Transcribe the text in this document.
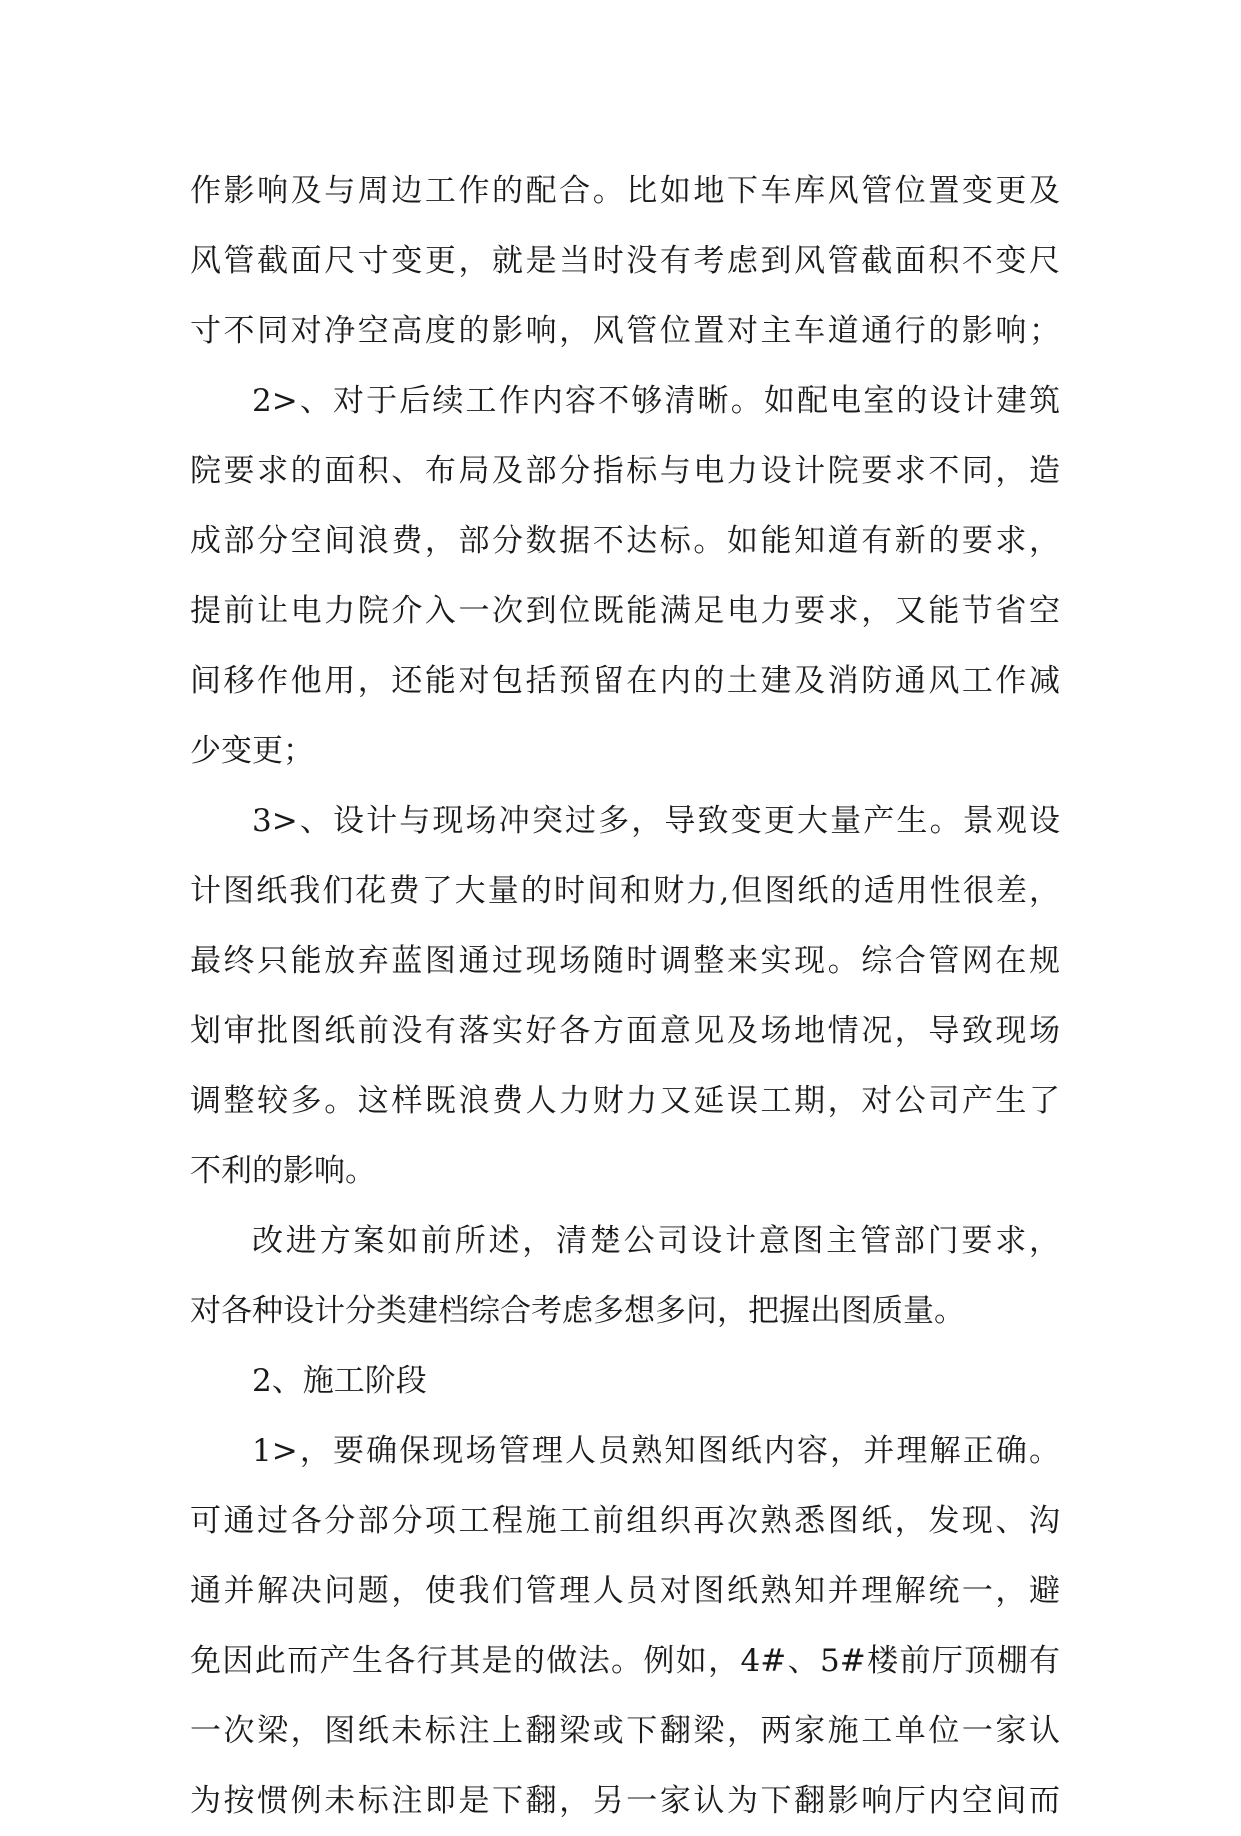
作影响及与周边工作的配合。比如地下车库风管位置变更及
风管截面尺寸变更，就是当时没有考虑到风管截面积不变尺
寸不同对净空高度的影响，风管位置对主车道通行的影响；
2>、对于后续工作内容不够清晰。如配电室的设计建筑
院要求的面积、布局及部分指标与电力设计院要求不同，造
成部分空间浪费，部分数据不达标。如能知道有新的要求，
提前让电力院介入一次到位既能满足电力要求，又能节省空
间移作他用，还能对包括预留在内的土建及消防通风工作减
少变更；
3>、设计与现场冲突过多，导致变更大量产生。景观设
计图纸我们花费了大量的时间和财力,但图纸的适用性很差，
最终只能放弃蓝图通过现场随时调整来实现。综合管网在规
划审批图纸前没有落实好各方面意见及场地情况，导致现场
调整较多。这样既浪费人力财力又延误工期，对公司产生了
不利的影响。
改进方案如前所述，清楚公司设计意图主管部门要求，
对各种设计分类建档综合考虑多想多问，把握出图质量。
2、施工阶段
1>，要确保现场管理人员熟知图纸内容，并理解正确。
可通过各分部分项工程施工前组织再次熟悉图纸，发现、沟
通并解决问题，使我们管理人员对图纸熟知并理解统一，避
免因此而产生各行其是的做法。例如，4#、5#楼前厅顶棚有
一次梁，图纸未标注上翻梁或下翻梁，两家施工单位一家认
为按惯例未标注即是下翻，另一家认为下翻影响厅内空间而
